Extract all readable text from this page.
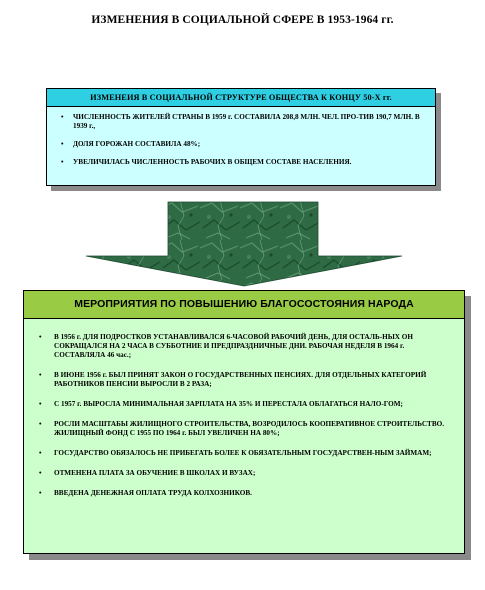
ИЗМЕНЕНИЯ В СОЦИАЛЬНОЙ СФЕРЕ В 1953-1964 гг.
ИЗМЕНЕИЯ В СОЦИАЛЬНОЙ СТРУКТУРЕ ОБЩЕСТВА К КОНЦУ 50-Х гг.
• ЧИСЛЕННОСТЬ ЖИТЕЛЕЙ СТРАНЫ В 1959 г. СОСТАВИЛА 208,8 МЛН. ЧЕЛ. ПРО-ТИВ 190,7 МЛН. В 1939 г.,
• ДОЛЯ ГОРОЖАН СОСТАВИЛА 48%;
• УВЕЛИЧИЛАСЬ ЧИСЛЕННОСТЬ РАБОЧИХ В ОБЩЕМ СОСТАВЕ НАСЕЛЕНИЯ.
МЕРОПРИЯТИЯ ПО ПОВЫШЕНИЮ БЛАГОСОСТОЯНИЯ НАРОДА
• В 1956 г. ДЛЯ ПОДРОСТКОВ УСТАНАВЛИВАЛСЯ 6-ЧАСОВОЙ РАБОЧИЙ ДЕНЬ, ДЛЯ ОСТАЛЬ-НЫХ ОН СОКРАЩАЛСЯ НА 2 ЧАСА В СУББОТНИЕ И ПРЕДПРАЗДНИЧНЫЕ ДНИ. РАБОЧАЯ НЕДЕЛЯ В 1964 г. СОСТАВЛЯЛА 46 час.;
• В ИЮНЕ 1956 г. БЫЛ ПРИНЯТ ЗАКОН О ГОСУДАРСТВЕННЫХ ПЕНСИЯХ. ДЛЯ ОТДЕЛЬНЫХ КАТЕГОРИЙ РАБОТНИКОВ ПЕНСИИ ВЫРОСЛИ В 2 РАЗА;
• С 1957 г. ВЫРОСЛА МИНИМАЛЬНАЯ ЗАРПЛАТА НА 35% И ПЕРЕСТАЛА ОБЛАГАТЬСЯ НАЛО-ГОМ;
• РОСЛИ МАСШТАБЫ ЖИЛИЩНОГО СТРОИТЕЛЬСТВА, ВОЗРОДИЛОСЬ КООПЕРАТИВНОЕ СТРОИТЕЛЬСТВО. ЖИЛИЩНЫЙ ФОНД С 1955 ПО 1964 г. БЫЛ УВЕЛИЧЕН НА 80%;
• ГОСУДАРСТВО ОБЯЗАЛОСЬ НЕ ПРИБЕГАТЬ БОЛЕЕ К ОБЯЗАТЕЛЬНЫМ ГОСУДАРСТВЕН-НЫМ ЗАЙМАМ;
• ОТМЕНЕНА ПЛАТА ЗА ОБУЧЕНИЕ В ШКОЛАХ И ВУЗАХ;
• ВВЕДЕНА ДЕНЕЖНАЯ ОПЛАТА ТРУДА КОЛХОЗНИКОВ.
